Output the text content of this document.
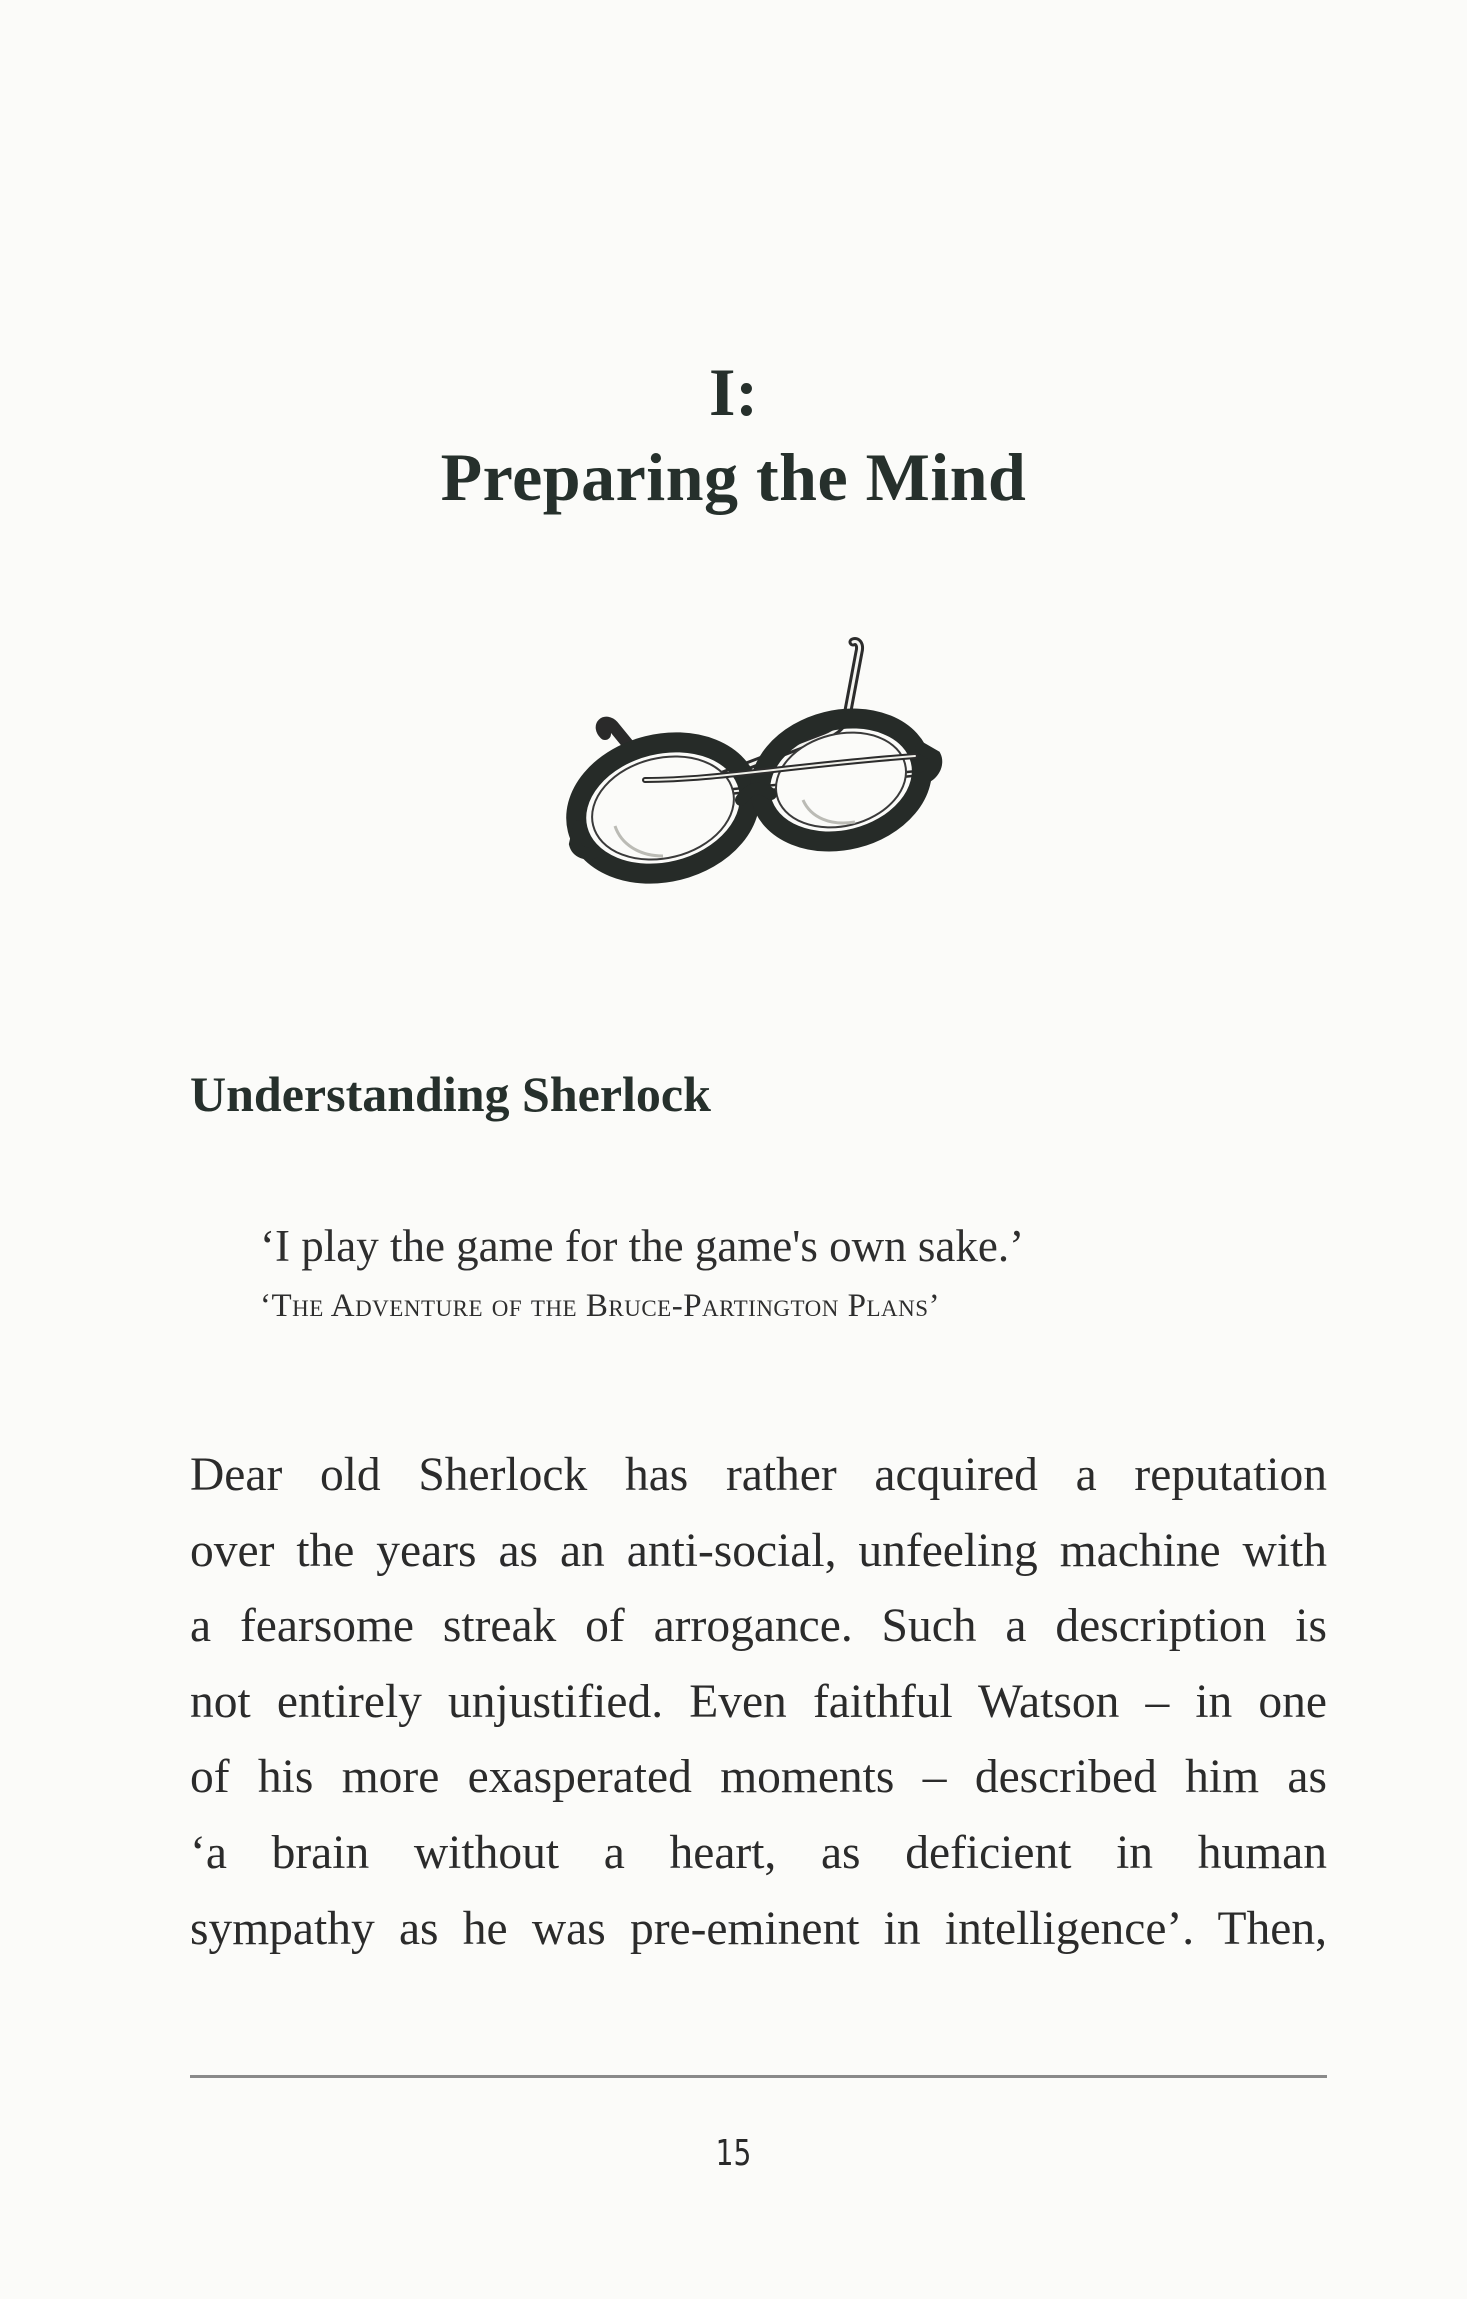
I:
Preparing the Mind
Understanding Sherlock
‘I play the game for the game's own sake.’
‘The Adventure of the Bruce-Partington Plans’
Dear old Sherlock has rather acquired a reputation
over the years as an anti-social, unfeeling machine with
a fearsome streak of arrogance. Such a description is
not entirely unjustified. Even faithful Watson – in one
of his more exasperated moments – described him as
‘a brain without a heart, as deficient in human
sympathy as he was pre-eminent in intelligence’. Then,
15
